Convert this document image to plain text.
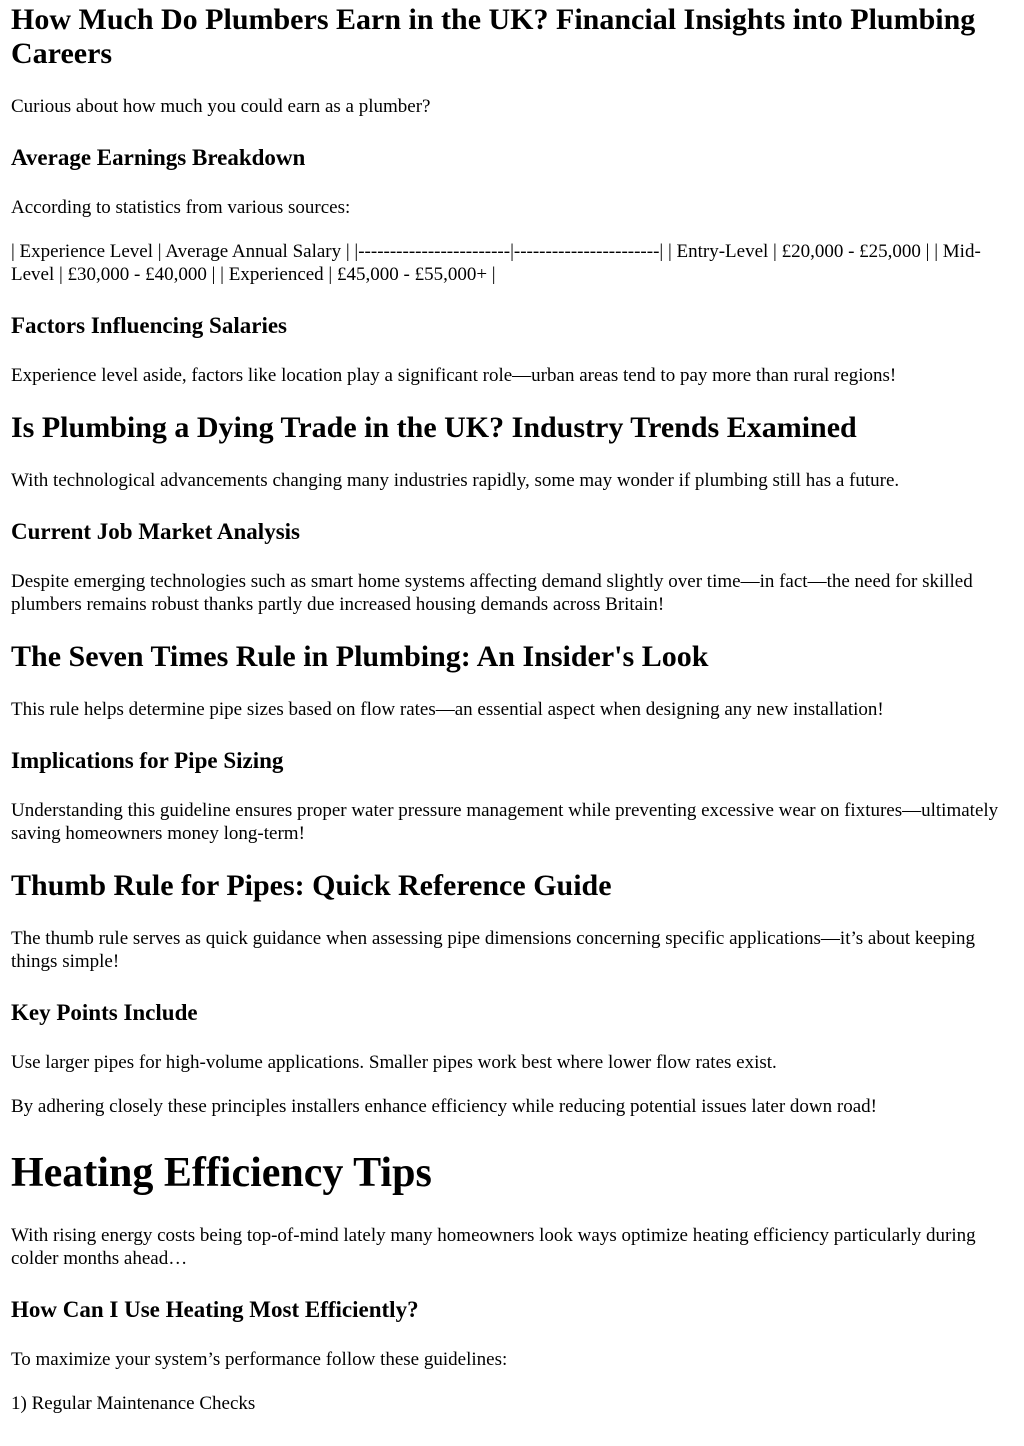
How Much Do Plumbers Earn in the UK? Financial Insights into Plumbing Careers

Curious about how much you could earn as a plumber?

Average Earnings Breakdown

According to statistics from various sources:

| Experience Level | Average Annual Salary | |------------------------|-----------------------| | Entry-Level | £20,000 - £25,000 | | Mid-Level | £30,000 - £40,000 | | Experienced | £45,000 - £55,000+ |

Factors Influencing Salaries

Experience level aside, factors like location play a significant role—urban areas tend to pay more than rural regions!

Is Plumbing a Dying Trade in the UK? Industry Trends Examined

With technological advancements changing many industries rapidly, some may wonder if plumbing still has a future.

Current Job Market Analysis

Despite emerging technologies such as smart home systems affecting demand slightly over time—in fact—the need for skilled plumbers remains robust thanks partly due increased housing demands across Britain!

The Seven Times Rule in Plumbing: An Insider's Look

This rule helps determine pipe sizes based on flow rates—an essential aspect when designing any new installation!

Implications for Pipe Sizing

Understanding this guideline ensures proper water pressure management while preventing excessive wear on fixtures—ultimately saving homeowners money long-term!

Thumb Rule for Pipes: Quick Reference Guide

The thumb rule serves as quick guidance when assessing pipe dimensions concerning specific applications—it’s about keeping things simple!

Key Points Include

Use larger pipes for high-volume applications. Smaller pipes work best where lower flow rates exist.

By adhering closely these principles installers enhance efficiency while reducing potential issues later down road!

Heating Efficiency Tips

With rising energy costs being top-of-mind lately many homeowners look ways optimize heating efficiency particularly during colder months ahead…

How Can I Use Heating Most Efficiently?

To maximize your system’s performance follow these guidelines:

1) Regular Maintenance Checks
